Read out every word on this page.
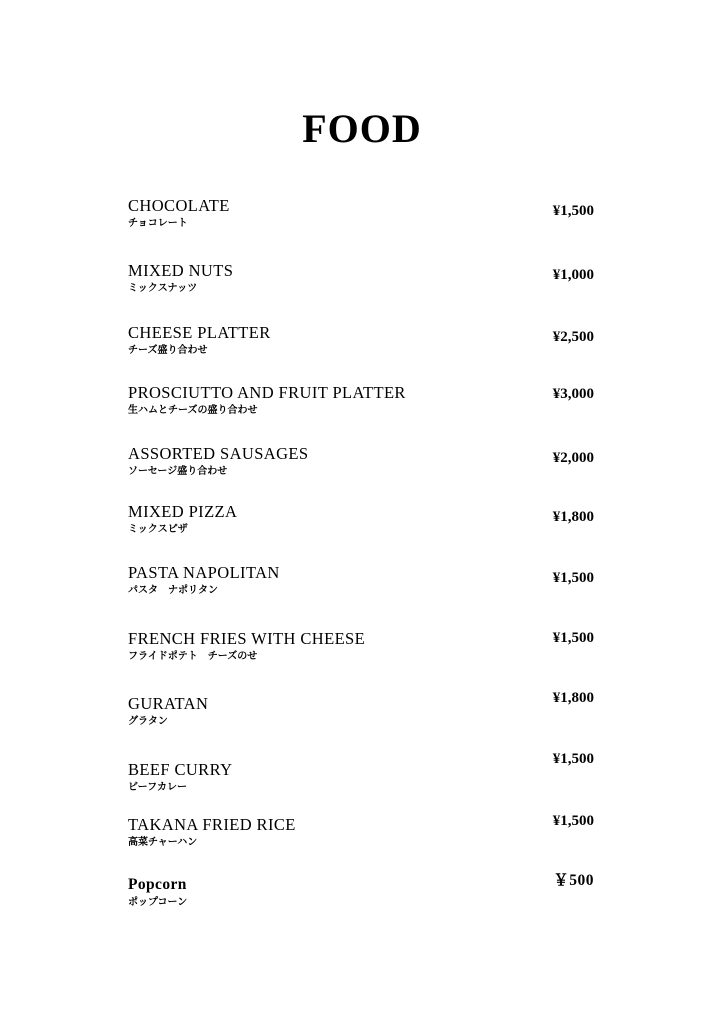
FOOD
CHOCOLATE
チョコレート
¥1,500
MIXED NUTS
ミックスナッツ
¥1,000
CHEESE PLATTER
チーズ盛り合わせ
¥2,500
PROSCIUTTO AND FRUIT PLATTER
生ハムとチーズの盛り合わせ
¥3,000
ASSORTED SAUSAGES
ソーセージ盛り合わせ
¥2,000
MIXED PIZZA
ミックスピザ
¥1,800
PASTA NAPOLITAN
パスタ　ナポリタン
¥1,500
FRENCH FRIES WITH CHEESE
フライドポテト　チーズのせ
¥1,500
GURATAN
グラタン
¥1,800
BEEF CURRY
ビーフカレー
¥1,500
TAKANA FRIED RICE
高菜チャーハン
¥1,500
Popcorn
ポップコーン
￥500
